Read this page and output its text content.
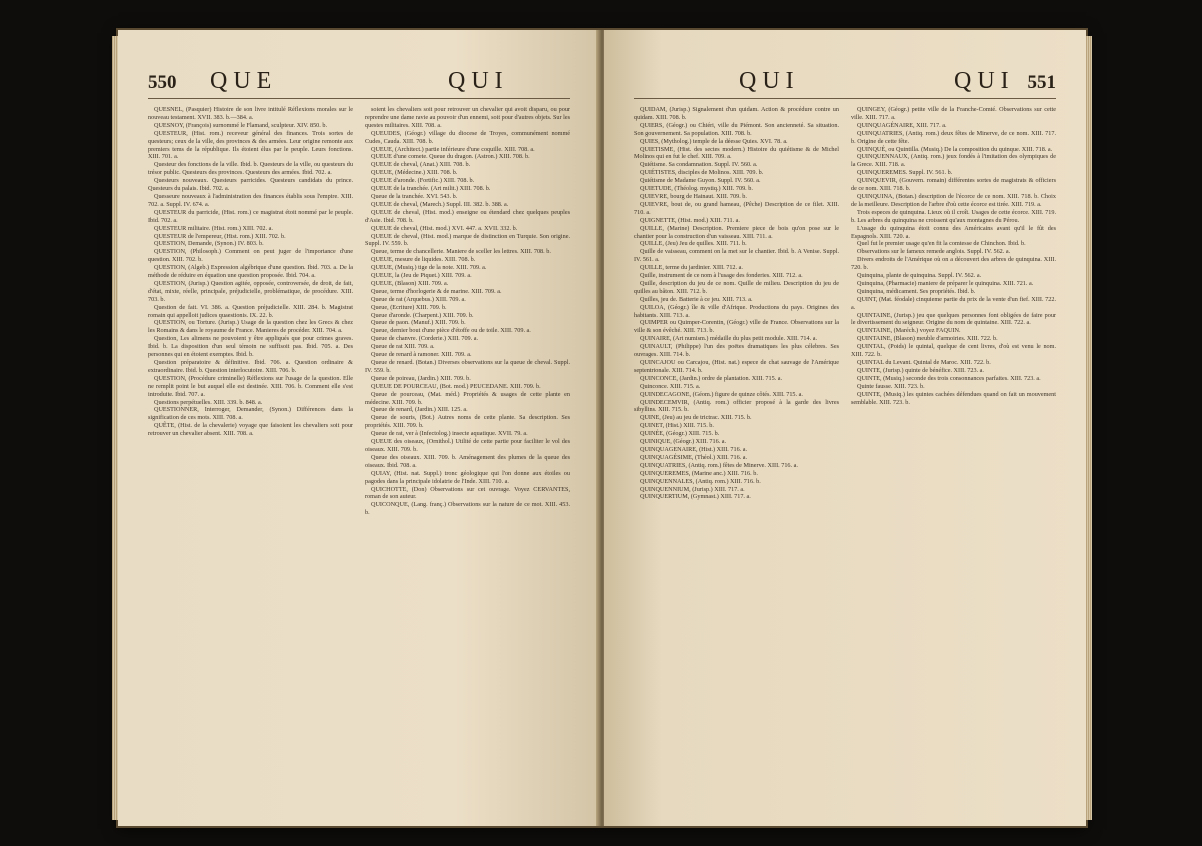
550 QUE	QUI

QUESNEL, (Pasquier) Histoire de son livre intitulé Réflexions morales sur le nouveau testament. XVII. 383. b.—384. a.

QUESNOY, (François) surnommé le Flamand, sculpteur. XIV. 850. b.

QUESTEUR, (Hist. rom.) receveur général des finances. Trois sortes de questeurs; ceux de la ville, des provinces & des armées. Leur origine remonte aux premiers tems de la république. Ils étoient élus par le peuple. Leurs fonctions. XIII. 701. a.

Questeur des fonctions de la ville. Ibid. b. Questeurs de la ville, ou questeurs du trésor public. Questeurs des provinces. Questeurs des armées. Ibid. 702. a.

Questeurs nouveaux. Questeurs parricides. Questeurs candidats du prince. Questeurs du palais. Ibid. 702. a.

Quesseure nouveaux à l'administration des finances établis sous l'empire. XIII. 702. a. Suppl. IV. 674. a.

QUESTEUR du parricide, (Hist. rom.) ce magistrat étoit nommé par le peuple. Ibid. 702. a.

QUESTEUR militaire. (Hist. rom.) XIII. 702. a.

QUESTEUR de l'empereur, (Hist. rom.) XIII. 702. b.

QUESTION, Demande, (Synon.) IV. 803. b.

QUESTION, (Philosoph.) Comment on peut juger de l'importance d'une question. XIII. 702. b.

QUESTION, (Algeb.) Expression algébrique d'une question. Ibid. 703. a. De la méthode de réduire en équation une question proposée. Ibid. 704. a.

QUESTION, (Jurisp.) Question agitée, opposée, controversée, de droit, de fait, d'état, mixte, réelle, principale, préjudicielle, problématique, de procédure. XIII. 703. b.

Question de fait. VI. 386. a. Question préjudicielle. XIII. 284. b. Magistrat romain qui appelloit judices quaestionis. IX. 22. b.

QUESTION, ou Torture. (Jurisp.) Usage de la question chez les Grecs & chez les Romains & dans le royaume de France. Manieres de procéder. XIII. 704. a.

Question, Les alimens ne pouvoient y être appliqués que pour crimes graves. Ibid. b. La disposition d'un seul témoin ne suffisoit pas. Ibid. 705. a. Des personnes qui en étoient exemptes. Ibid. b.

Question préparatoire & définitive. Ibid. 706. a. Question ordinaire & extraordinaire. Ibid. b. Question interlocutoire. XIII. 706. b.

QUESTION, (Procédure criminelle) Réflexions sur l'usage de la question. Elle ne remplit point le but auquel elle est destinée. XIII. 706. b. Comment elle s'est introduite. Ibid. 707. a.

Questions perpétuelles. XIII. 339. b. 848. a.

QUESTIONNER, Interroger, Demander, (Synon.) Différences dans la signification de ces mots. XIII. 708. a.

QUÊTE, (Hist. de la chevalerie) voyage que faisoient les chevaliers soit pour retrouver un chevalier absent. XIII. 708. a.

soient les chevaliers soit pour retrouver un chevalier qui avoit disparu, ou pour reprendre une dame ravie au pouvoir d'un ennemi, soit pour d'autres objets. Sur les questes militaires. XIII. 708. a.

QUEUDES, (Géogr.) village du diocese de Troyes, communément nommé Cudes, Cauda. XIII. 708. b.

QUEUE, (Architect.) partie inférieure d'une coquille. XIII. 708. a.

QUEUE d'une comete. Queue du dragon. (Astron.) XIII. 708. b.

QUEUE de cheval, (Anat.) XIII. 708. b.

QUEUE, (Médecine.) XIII. 708. b.

QUEUE d'aronde. (Fortific.) XIII. 708. b.

QUEUE de la tranchée. (Art milit.) XIII. 708. b.

Queue de la tranchée. XVI. 543. b.

QUEUE de cheval, (Marech.) Suppl. III. 382. b. 388. a.

QUEUE de cheval, (Hist. mod.) enseigne ou étendard chez quelques peuples d'Asie. Ibid. 708. b.

QUEUE de cheval, (Hist. mod.) XVI. 447. a. XVII. 332. b.

QUEUE de cheval, (Hist. mod.) marque de distinction en Turquie. Son origine. Suppl. IV. 559. b.

Queue, terme de chancellerie. Maniere de sceller les lettres. XIII. 708. b.

QUEUE, mesure de liquides. XIII. 708. b.

QUEUE, (Musiq.) tige de la note. XIII. 709. a.

QUEUE, la (Jeu de Piquet.) XIII. 709. a.

QUEUE, (Blason) XIII. 709. a.

Queue, terme d'horlogerie & de marine. XIII. 709. a.

Queue de rat (Arquebus.) XIII. 709. a.

Queue, (Ecriture) XIII. 709. b.

Queue d'aronde. (Charpent.) XIII. 709. b.

Queue de paon. (Manuf.) XIII. 709. b.

Queue, dernier bout d'une pièce d'étoffe ou de toile. XIII. 709. a.

Queue de chanvre. (Corderie.) XIII. 709. a.

Queue de rat XIII. 709. a.

Queue de renard à ramoner. XIII. 709. a.

Queue de renard. (Botan.) Diverses observations sur la queue de cheval. Suppl. IV. 559. b.

Queue de poireau, (Jardin.) XIII. 709. b.

QUEUE DE POURCEAU, (Bot. mod.) PEUCEDANE. XIII. 709. b.

Queue de pourceau, (Mat. méd.) Propriétés & usages de cette plante en médecine. XIII. 709. b.

Queue de renard, (Jardin.) XIII. 125. a.

Queue de souris, (Bot.) Autres noms de cette plante. Sa description. Ses propriétés. XIII. 709. b.

Queue de rat, ver à (Infectolog.) insecte aquatique. XVII. 79. a.

QUEUE des oiseaux, (Ornithol.) Utilité de cette partie pour faciliter le vol des oiseaux. XIII. 709. b.

Queue des oiseaux. XIII. 709. b. Aménagement des plumes de la queue des oiseaux. Ibid. 708. a.

QUIAY, (Hist. nat. Suppl.) tronc géologique qui l'on donne aux étoiles ou pagodes dans la principale idolatrie de l'Inde. XIII. 710. a.

QUICHOTTE, (Don) Observations sur cet ouvrage. Voyez CERVANTES, roman de son auteur.

QUICONQUE, (Lang. franç.) Observations sur la nature de ce mot. XIII. 453. b.

QUI	QUI 551

QUIDAM, (Jurisp.) Signalement d'un quidam. Action & procédure contre un quidam. XIII. 708. b.

QUIERS, (Géogr.) ou Chiéri, ville du Piémont. Son ancienneté. Sa situation. Son gouvernement. Sa population. XIII. 708. b.

QUIES, (Mytholog.) temple de la déesse Quies. XVI. 78. a.

QUIETISME, (Hist. des sectes modern.) Histoire du quiétisme & de Michel Molinos qui en fut le chef. XIII. 709. a.

Quiétisme. Sa condamnation. Suppl. IV. 560. a.

QUIÉTISTES, disciples de Molinos. XIII. 709. b.

Quiétisme de Madame Guyon. Suppl. IV. 560. a.

QUIETUDE, (Théolog. mystiq.) XIII. 709. b.

QUIEVRE, bourg de Hainaut. XIII. 709. b.

QUIEVRE, bout de, ou grand hameau, (Pêche) Description de ce filet. XIII. 710. a.

QUIGNETTE, (Hist. mod.) XIII. 711. a.

QUILLE, (Marine) Description. Premiere piece de bois qu'on pose sur le chantier pour la construction d'un vaisseau. XIII. 711. a.

QUILLE, (Jeu) Jeu de quilles. XIII. 711. b.

Quille de vaisseau, comment on la met sur le chantier. Ibid. b. A Venise. Suppl. IV. 561. a.

QUILLE, terme du jardinier. XIII. 712. a.

Quille, instrument de ce nom à l'usage des fonderies. XIII. 712. a.

Quille, description du jeu de ce nom. Quille de milieu. Description du jeu de quilles au bâton. XIII. 712. b.

Quilles, jeu de. Batterie à ce jeu. XIII. 713. a.

QUILOA, (Géogr.) île & ville d'Afrique. Productions du pays. Origines des habitants. XIII. 713. a.

QUIMPER ou Quimper-Corentin, (Géogr.) ville de France. Observations sur la ville & son évêché. XIII. 713. b.

QUINAIRE, (Art numism.) médaille du plus petit module. XIII. 714. a.

QUINAULT, (Philippe) l'un des poëtes dramatiques les plus célebres. Ses ouvrages. XIII. 714. b.

QUINCAJOU ou Carcajou, (Hist. nat.) espece de chat sauvage de l'Amérique septentrionale. XIII. 714. b.

QUINCONCE, (Jardin.) ordre de plantation. XIII. 715. a.

Quinconce. XIII. 715. a.

QUINDECAGONE, (Géom.) figure de quinze côtés. XIII. 715. a.

QUINDECEMVIR, (Antiq. rom.) officier proposé à la garde des livres sibyllins. XIII. 715. b.

QUINE, (Jeu) au jeu de trictrac. XIII. 715. b.

QUINET, (Hist.) XIII. 715. b.

QUINÉE, (Géogr.) XIII. 715. b.

QUINIQUE, (Géogr.) XIII. 716. a.

QUINQUAGENAIRE, (Hist.) XIII. 716. a.

QUINQUAGÉSIME, (Théol.) XIII. 716. a.

QUINQUATRIES, (Antiq. rom.) fêtes de Minerve. XIII. 716. a.

QUINQUEREMES, (Marine anc.) XIII. 716. b.

QUINQUENNALES, (Antiq. rom.) XIII. 716. b.

QUINQUENNIUM, (Jurisp.) XIII. 717. a.

QUINQUERTIUM, (Gymnast.) XIII. 717. a.

QUINGEY, (Géogr.) petite ville de la Franche-Comté. Observations sur cette ville. XIII. 717. a.

QUINQUAGÉNAIRE, XIII. 717. a.

QUINQUATRIES, (Antiq. rom.) deux fêtes de Minerve, de ce nom. XIII. 717. b. Origine de cette fête.

QUINQUÉ, ou Quintilla. (Musiq.) De la composition du quinque. XIII. 718. a.

QUINQUENNAUX, (Antiq. rom.) jeux fondés à l'imitation des olympiques de la Grece. XIII. 718. a.

QUINQUEREMES. Suppl. IV. 561. b.

QUINQUEVIR, (Gouvern. romain) différentes sortes de magistrats & officiers de ce nom. XIII. 718. b.

QUINQUINA, (Botan.) description de l'écorce de ce nom. XIII. 718. b. Choix de la meilleure. Description de l'arbre d'où cette écorce est tirée. XIII. 719. a.

Trois especes de quinquina. Lieux où il croît. Usages de cette écorce. XIII. 719. b. Les arbres du quinquina ne croissent qu'aux montagnes du Pérou.

L'usage du quinquina étoit connu des Américains avant qu'il le fût des Espagnols. XIII. 720. a.

Quel fut le premier usage qu'en fit la comtesse de Chinchon. Ibid. b.

Observations sur le fameux remede anglois. Suppl. IV. 562. a.

Divers endroits de l'Amérique où on a découvert des arbres de quinquina. XIII. 720. b.

Quinquina, plante de quinquina. Suppl. IV. 562. a.

Quinquina, (Pharmacie) maniere de préparer le quinquina. XIII. 721. a.

Quinquina, médicament. Ses propriétés. Ibid. b.

QUINT, (Mat. féodale) cinquieme partie du prix de la vente d'un fief. XIII. 722. a.

QUINTAINE, (Jurisp.) jeu que quelques personnes font obligées de faire pour le divertissement du seigneur. Origine du nom de quintaine. XIII. 722. a.

QUINTAINE, (Maréch.) voyez FAQUIN.

QUINTAINE, (Blason) meuble d'armoiries. XIII. 722. b.

QUINTAL, (Poids) le quintal, quelque de cent livres, d'où est venu le nom. XIII. 722. b.

QUINTAL du Levant. Quintal de Maroc. XIII. 722. b.

QUINTE, (Jurisp.) quinte de bénéfice. XIII. 723. a.

QUINTE, (Musiq.) seconde des trois consonnances parfaites. XIII. 723. a.

Quinte fausse. XIII. 723. b.

QUINTE, (Musiq.) les quintes cachées défendues quand on fait un mouvement semblable. XIII. 723. b.
